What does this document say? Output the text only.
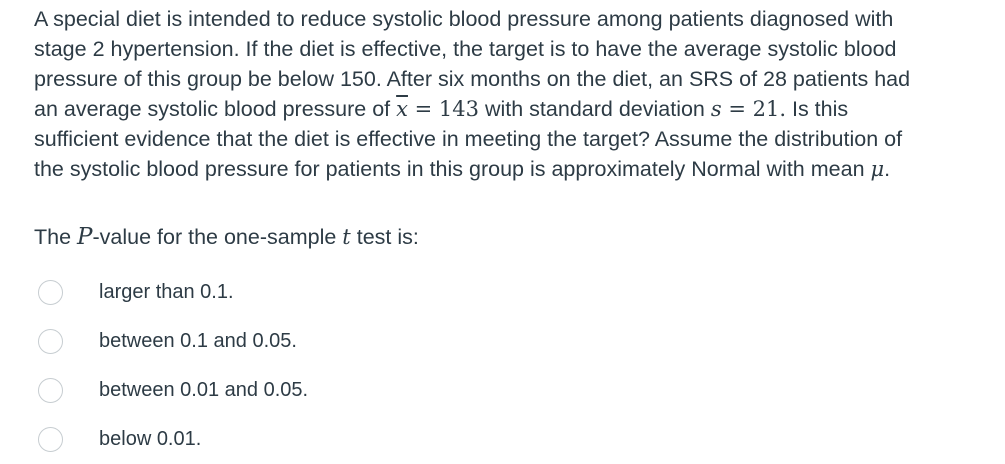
A special diet is intended to reduce systolic blood pressure among patients diagnosed with
stage 2 hypertension. If the diet is effective, the target is to have the average systolic blood
pressure of this group be below 150. After six months on the diet, an SRS of 28 patients had
an average systolic blood pressure of $\overline{x} = 143$ with standard deviation s = 21. Is this
sufficient evidence that the diet is effective in meeting the target? Assume the distribution of
the systolic blood pressure for patients in this group is approximately Normal with mean μ.
The P-value for the one-sample t test is:
larger than 0.1.
between 0.1 and 0.05.
between 0.01 and 0.05.
below 0.01.
